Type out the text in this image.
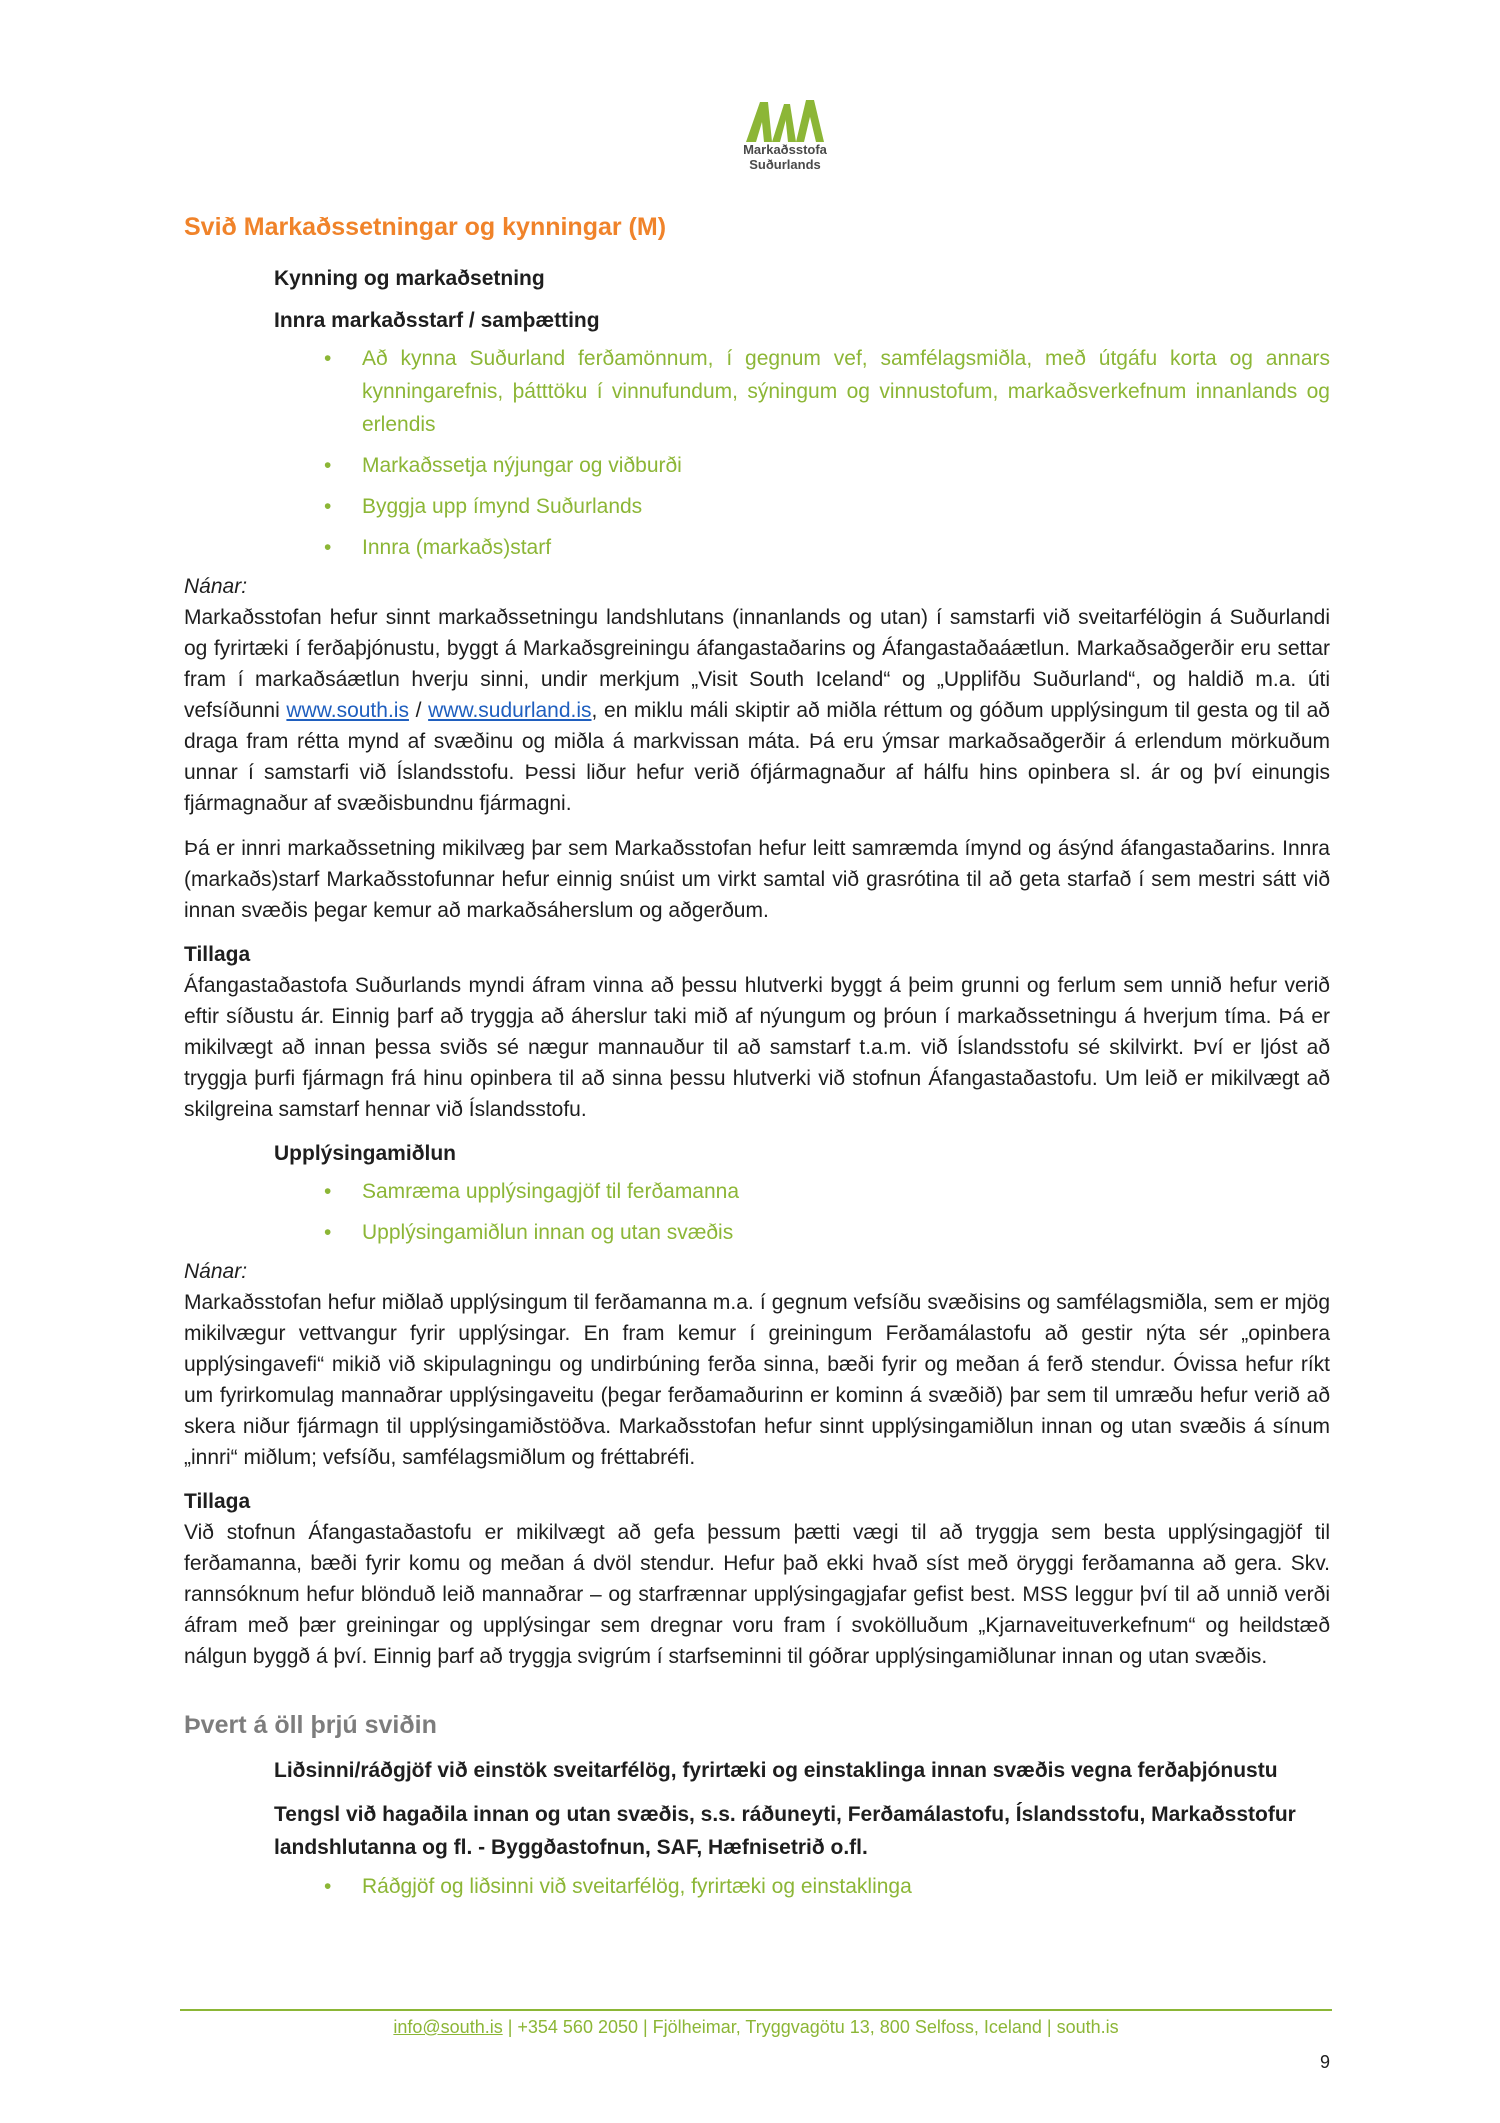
Markaðsstofa
Suðurlands
Svið Markaðssetningar og kynningar (M)
Kynning og markaðsetning
Innra markaðsstarf / samþætting
• Að kynna Suðurland ferðamönnum, í gegnum vef, samfélagsmiðla, með útgáfu korta og annars kynningarefnis, þátttöku í vinnufundum, sýningum og vinnustofum, markaðsverkefnum innanlands og erlendis
• Markaðssetja nýjungar og viðburði
• Byggja upp ímynd Suðurlands
• Innra (markaðs)starf
Nánar:

Markaðsstofan hefur sinnt markaðssetningu landshlutans (innanlands og utan) í samstarfi við sveitarfélögin á Suðurlandi og fyrirtæki í ferðaþjónustu, byggt á Markaðsgreiningu áfangastaðarins og Áfangastaðaáætlun. Markaðsaðgerðir eru settar fram í markaðsáætlun hverju sinni, undir merkjum „Visit South Iceland“ og „Upplifðu Suðurland“, og haldið m.a. úti vefsíðunni www.south.is / www.sudurland.is, en miklu máli skiptir að miðla réttum og góðum upplýsingum til gesta og til að draga fram rétta mynd af svæðinu og miðla á markvissan máta. Þá eru ýmsar markaðsaðgerðir á erlendum mörkuðum unnar í samstarfi við Íslandsstofu. Þessi liður hefur verið ófjármagnaður af hálfu hins opinbera sl. ár og því einungis fjármagnaður af svæðisbundnu fjármagni.

Þá er innri markaðssetning mikilvæg þar sem Markaðsstofan hefur leitt samræmda ímynd og ásýnd áfangastaðarins. Innra (markaðs)starf Markaðsstofunnar hefur einnig snúist um virkt samtal við grasrótina til að geta starfað í sem mestri sátt við innan svæðis þegar kemur að markaðsáherslum og aðgerðum.

Tillaga

Áfangastaðastofa Suðurlands myndi áfram vinna að þessu hlutverki byggt á þeim grunni og ferlum sem unnið hefur verið eftir síðustu ár. Einnig þarf að tryggja að áherslur taki mið af nýungum og þróun í markaðssetningu á hverjum tíma. Þá er mikilvægt að innan þessa sviðs sé nægur mannauður til að samstarf t.a.m. við Íslandsstofu sé skilvirkt. Því er ljóst að tryggja þurfi fjármagn frá hinu opinbera til að sinna þessu hlutverki við stofnun Áfangastaðastofu. Um leið er mikilvægt að skilgreina samstarf hennar við Íslandsstofu.

Upplýsingamiðlun
• Samræma upplýsingagjöf til ferðamanna
• Upplýsingamiðlun innan og utan svæðis
Nánar:

Markaðsstofan hefur miðlað upplýsingum til ferðamanna m.a. í gegnum vefsíðu svæðisins og samfélagsmiðla, sem er mjög mikilvægur vettvangur fyrir upplýsingar. En fram kemur í greiningum Ferðamálastofu að gestir nýta sér „opinbera upplýsingavefi“ mikið við skipulagningu og undirbúning ferða sinna, bæði fyrir og meðan á ferð stendur. Óvissa hefur ríkt um fyrirkomulag mannaðrar upplýsingaveitu (þegar ferðamaðurinn er kominn á svæðið) þar sem til umræðu hefur verið að skera niður fjármagn til upplýsingamiðstöðva. Markaðsstofan hefur sinnt upplýsingamiðlun innan og utan svæðis á sínum „innri“ miðlum; vefsíðu, samfélagsmiðlum og fréttabréfi.

Tillaga

Við stofnun Áfangastaðastofu er mikilvægt að gefa þessum þætti vægi til að tryggja sem besta upplýsingagjöf til ferðamanna, bæði fyrir komu og meðan á dvöl stendur. Hefur það ekki hvað síst með öryggi ferðamanna að gera. Skv. rannsóknum hefur blönduð leið mannaðrar – og starfrænnar upplýsingagjafar gefist best. MSS leggur því til að unnið verði áfram með þær greiningar og upplýsingar sem dregnar voru fram í svokölluðum „Kjarnaveituverkefnum“ og heildstæð nálgun byggð á því. Einnig þarf að tryggja svigrúm í starfseminni til góðrar upplýsingamiðlunar innan og utan svæðis.

Þvert á öll þrjú sviðin
Liðsinni/ráðgjöf við einstök sveitarfélög, fyrirtæki og einstaklinga innan svæðis vegna ferðaþjónustu
Tengsl við hagaðila innan og utan svæðis, s.s. ráðuneyti, Ferðamálastofu, Íslandsstofu, Markaðsstofur landshlutanna og fl. - Byggðastofnun, SAF, Hæfnisetrið o.fl.
• Ráðgjöf og liðsinni við sveitarfélög, fyrirtæki og einstaklinga
info@south.is | +354 560 2050 | Fjölheimar, Tryggvagötu 13, 800 Selfoss, Iceland | south.is
9
